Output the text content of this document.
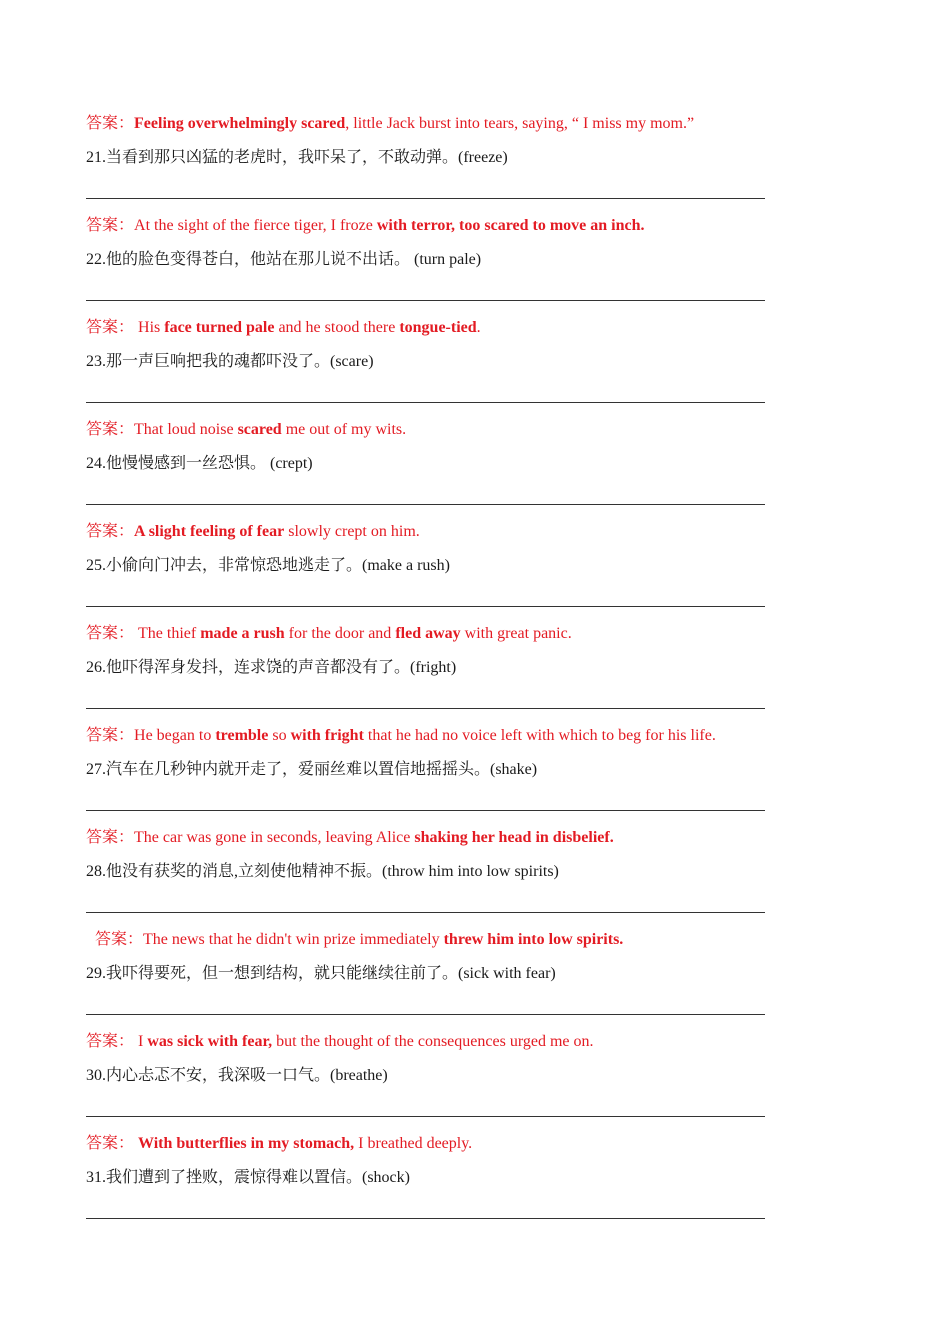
答案：Feeling overwhelmingly scared, little Jack burst into tears, saying, “ I miss my mom.”
21.当看到那只凶猛的老虎时，我吓呆了，不敢动弹。(freeze)
答案：At the sight of the fierce tiger, I froze with terror, too scared to move an inch.
22.他的脸色变得苍白，他站在那儿说不出话。 (turn pale)
答案： His face turned pale and he stood there tongue-tied.
23.那一声巨响把我的魂都吓没了。(scare)
答案：That loud noise scared me out of my wits.
24.他慢慢感到一丝恐惧。 (crept)
答案：A slight feeling of fear slowly crept on him.
25.小偷向门冲去，非常惊恐地逃走了。(make a rush)
答案： The thief made a rush for the door and fled away with great panic.
26.他吓得浑身发抖，连求饶的声音都没有了。(fright)
答案：He began to tremble so with fright that he had no voice left with which to beg for his life.
27.汽车在几秒钟内就开走了，爱丽丝难以置信地摇摇头。(shake)
答案：The car was gone in seconds, leaving Alice shaking her head in disbelief.
28.他没有获奖的消息,立刻使他精神不振。(throw him into low spirits)
答案：The news that he didn't win prize immediately threw him into low spirits.
29.我吓得要死，但一想到结构，就只能继续往前了。(sick with fear)
答案： I was sick with fear, but the thought of the consequences urged me on.
30.内心忐忑不安，我深吸一口气。(breathe)
答案： With butterflies in my stomach, I breathed deeply.
31.我们遭到了挫败，震惊得难以置信。(shock)
